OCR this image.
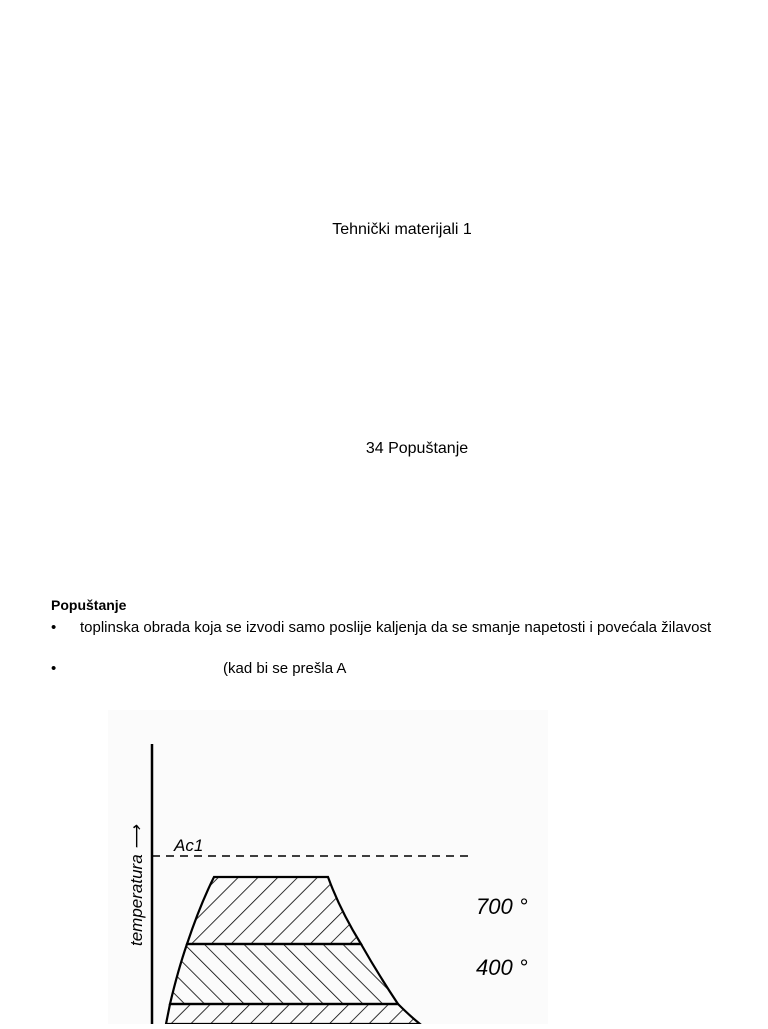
Tehnički materijali 1
34 Popuštanje
Popuštanje
• toplinska obrada koja se izvodi samo poslije kaljenja da se smanje napetosti i povećala žilavost
•	(kad bi se prešla A
temperatura ⟶ Ac1
700 °
400 °
